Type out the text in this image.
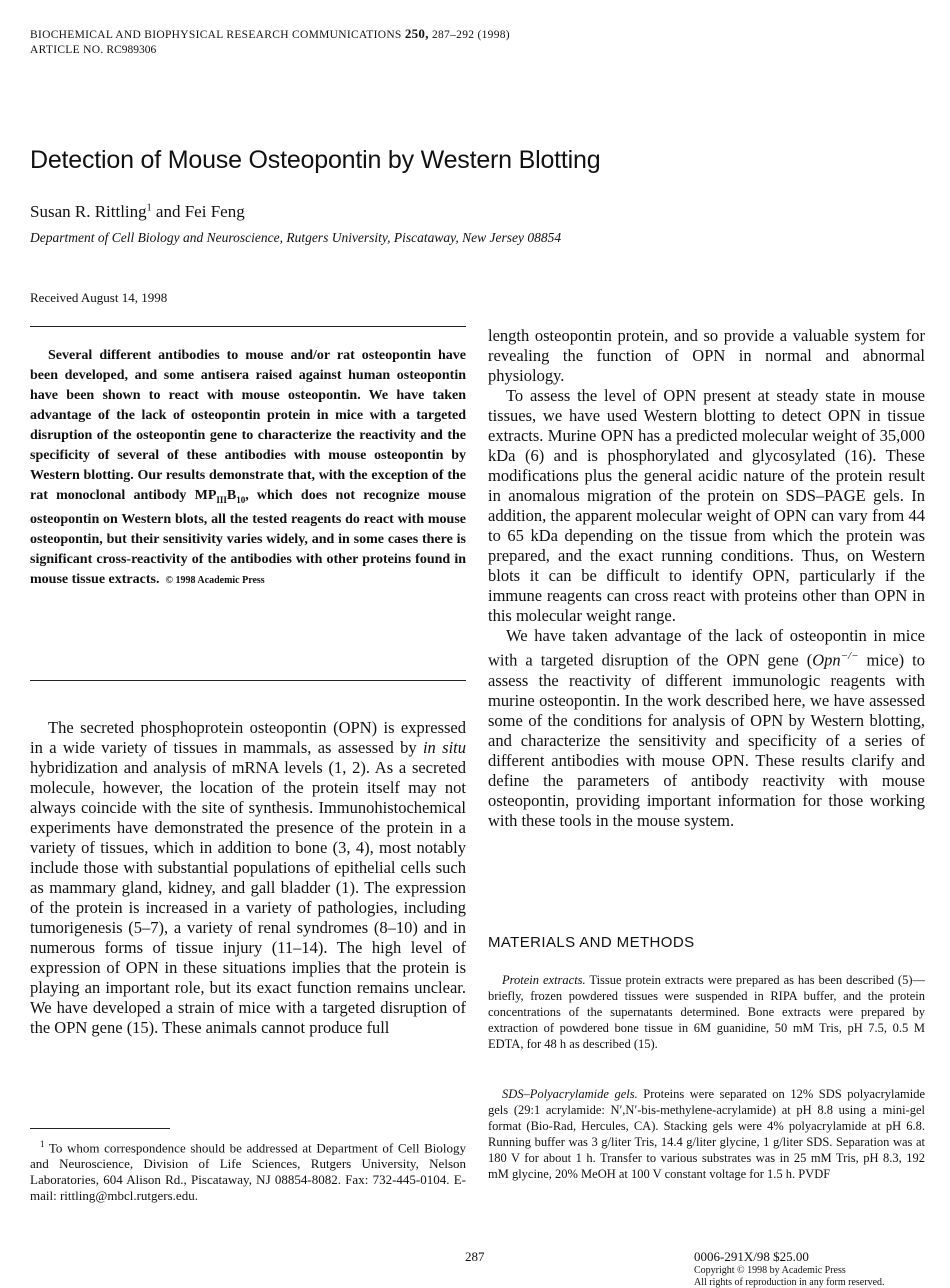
BIOCHEMICAL AND BIOPHYSICAL RESEARCH COMMUNICATIONS 250, 287–292 (1998)
ARTICLE NO. RC989306
Detection of Mouse Osteopontin by Western Blotting
Susan R. Rittling$^1$ and Fei Feng
Department of Cell Biology and Neuroscience, Rutgers University, Piscataway, New Jersey 08854
Received August 14, 1998
Several different antibodies to mouse and/or rat osteopontin have been developed, and some antisera raised against human osteopontin have been shown to react with mouse osteopontin. We have taken advantage of the lack of osteopontin protein in mice with a targeted disruption of the osteopontin gene to characterize the reactivity and the specificity of several of these antibodies with mouse osteopontin by Western blotting. Our results demonstrate that, with the exception of the rat monoclonal antibody $MP_{III}B_{10}$, which does not recognize mouse osteopontin on Western blots, all the tested reagents do react with mouse osteopontin, but their sensitivity varies widely, and in some cases there is significant cross-reactivity of the antibodies with other proteins found in mouse tissue extracts. © 1998 Academic Press

The secreted phosphoprotein osteopontin (OPN) is expressed in a wide variety of tissues in mammals, as assessed by in situ hybridization and analysis of mRNA levels (1, 2). As a secreted molecule, however, the location of the protein itself may not always coincide with the site of synthesis. Immunohistochemical experiments have demonstrated the presence of the protein in a variety of tissues, which in addition to bone (3, 4), most notably include those with substantial populations of epithelial cells such as mammary gland, kidney, and gall bladder (1). The expression of the protein is increased in a variety of pathologies, including tumorigenesis (5–7), a variety of renal syndromes (8–10) and in numerous forms of tissue injury (11–14). The high level of expression of OPN in these situations implies that the protein is playing an important role, but its exact function remains unclear. We have developed a strain of mice with a targeted disruption of the OPN gene (15). These animals cannot produce full

$^1$ To whom correspondence should be addressed at Department of Cell Biology and Neuroscience, Division of Life Sciences, Rutgers University, Nelson Laboratories, 604 Alison Rd., Piscataway, NJ 08854-8082. Fax: 732-445-0104. E-mail: rittling@mbcl.rutgers.edu.

length osteopontin protein, and so provide a valuable system for revealing the function of OPN in normal and abnormal physiology.

To assess the level of OPN present at steady state in mouse tissues, we have used Western blotting to detect OPN in tissue extracts. Murine OPN has a predicted molecular weight of 35,000 kDa (6) and is phosphorylated and glycosylated (16). These modifications plus the general acidic nature of the protein result in anomalous migration of the protein on SDS–PAGE gels. In addition, the apparent molecular weight of OPN can vary from 44 to 65 kDa depending on the tissue from which the protein was prepared, and the exact running conditions. Thus, on Western blots it can be difficult to identify OPN, particularly if the immune reagents can cross react with proteins other than OPN in this molecular weight range.

We have taken advantage of the lack of osteopontin in mice with a targeted disruption of the OPN gene (Opn−/− mice) to assess the reactivity of different immunologic reagents with murine osteopontin. In the work described here, we have assessed some of the conditions for analysis of OPN by Western blotting, and characterize the sensitivity and specificity of a series of different antibodies with mouse OPN. These results clarify and define the parameters of antibody reactivity with mouse osteopontin, providing important information for those working with these tools in the mouse system.

MATERIALS AND METHODS
Protein extracts. Tissue protein extracts were prepared as has been described (5)—briefly, frozen powdered tissues were suspended in RIPA buffer, and the protein concentrations of the supernatants determined. Bone extracts were prepared by extraction of powdered bone tissue in 6M guanidine, 50 mM Tris, pH 7.5, 0.5 M EDTA, for 48 h as described (15).
SDS–Polyacrylamide gels. Proteins were separated on 12% SDS polyacrylamide gels (29:1 acrylamide: N′,N′-bis-methylene-acrylamide) at pH 8.8 using a mini-gel format (Bio-Rad, Hercules, CA). Stacking gels were 4% polyacrylamide at pH 6.8. Running buffer was 3 g/liter Tris, 14.4 g/liter glycine, 1 g/liter SDS. Separation was at 180 V for about 1 h. Transfer to various substrates was in 25 mM Tris, pH 8.3, 192 mM glycine, 20% MeOH at 100 V constant voltage for 1.5 h. PVDF
287	0006-291X/98 $25.00
Copyright © 1998 by Academic Press
All rights of reproduction in any form reserved.
